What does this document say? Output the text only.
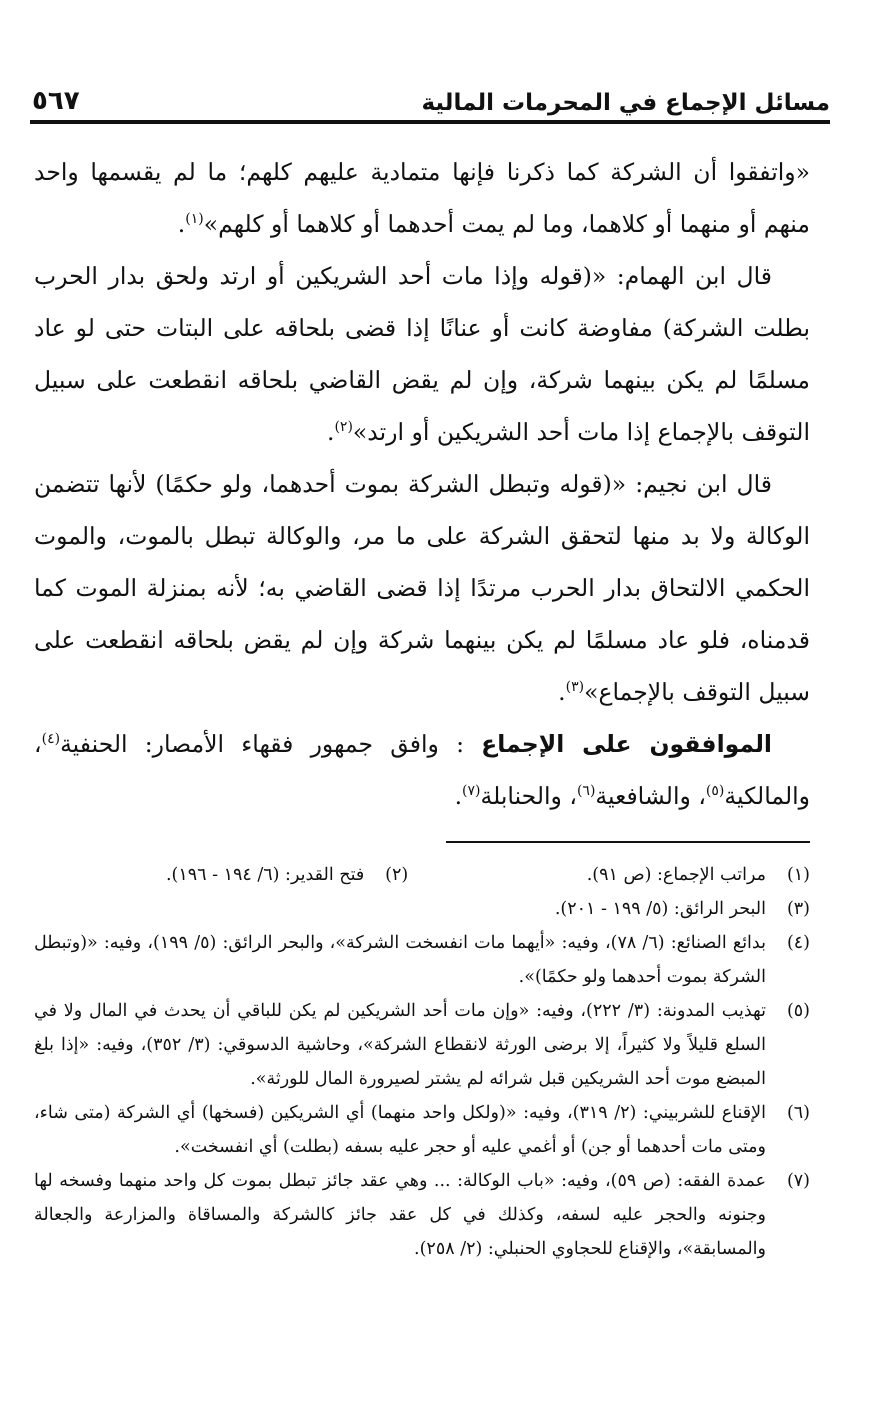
مسائل الإجماع في المحرمات المالية
٥٦٧

«واتفقوا أن الشركة كما ذكرنا فإنها متمادية عليهم كلهم؛ ما لم يقسمها واحد منهم أو منهما أو كلاهما، وما لم يمت أحدهما أو كلاهما أو كلهم»$^{(١)}$.

قال ابن الهمام: «(قوله وإذا مات أحد الشريكين أو ارتد ولحق بدار الحرب بطلت الشركة) مفاوضة كانت أو عنانًا إذا قضى بلحاقه على البتات حتى لو عاد مسلمًا لم يكن بينهما شركة، وإن لم يقض القاضي بلحاقه انقطعت على سبيل التوقف بالإجماع إذا مات أحد الشريكين أو ارتد»$^{(٢)}$.

قال ابن نجيم: «(قوله وتبطل الشركة بموت أحدهما، ولو حكمًا) لأنها تتضمن الوكالة ولا بد منها لتحقق الشركة على ما مر، والوكالة تبطل بالموت، والموت الحكمي الالتحاق بدار الحرب مرتدًا إذا قضى القاضي به؛ لأنه بمنزلة الموت كما قدمناه، فلو عاد مسلمًا لم يكن بينهما شركة وإن لم يقض بلحاقه انقطعت على سبيل التوقف بالإجماع»$^{(٣)}$.

الموافقون على الإجماع : وافق جمهور فقهاء الأمصار: الحنفية$^{(٤)}$، والمالكية$^{(٥)}$، والشافعية$^{(٦)}$، والحنابلة$^{(٧)}$.

(١)
مراتب الإجماع: (ص ٩١).
(٢)
فتح القدير: (٦/ ١٩٤ - ١٩٦).
(٣)
البحر الرائق: (٥/ ١٩٩ - ٢٠١).
(٤)
بدائع الصنائع: (٦/ ٧٨)، وفيه: «أيهما مات انفسخت الشركة»، والبحر الرائق: (٥/ ١٩٩)، وفيه: «(وتبطل الشركة بموت أحدهما ولو حكمًا)».
(٥)
تهذيب المدونة: (٣/ ٢٢٢)، وفيه: «وإن مات أحد الشريكين لم يكن للباقي أن يحدث في المال ولا في السلع قليلاً ولا كثيراً، إلا برضى الورثة لانقطاع الشركة»، وحاشية الدسوقي: (٣/ ٣٥٢)، وفيه: «إذا بلغ المبضع موت أحد الشريكين قبل شرائه لم يشتر لصيرورة المال للورثة».
(٦)
الإقناع للشربيني: (٢/ ٣١٩)، وفيه: «(ولكل واحد منهما) أي الشريكين (فسخها) أي الشركة (متى شاء، ومتى مات أحدهما أو جن) أو أغمي عليه أو حجر عليه بسفه (بطلت) أي انفسخت».
(٧)
عمدة الفقه: (ص ٥٩)، وفيه: «باب الوكالة: ... وهي عقد جائز تبطل بموت كل واحد منهما وفسخه لها وجنونه والحجر عليه لسفه، وكذلك في كل عقد جائز كالشركة والمساقاة والمزارعة والجعالة والمسابقة»، والإقناع للحجاوي الحنبلي: (٢/ ٢٥٨).
